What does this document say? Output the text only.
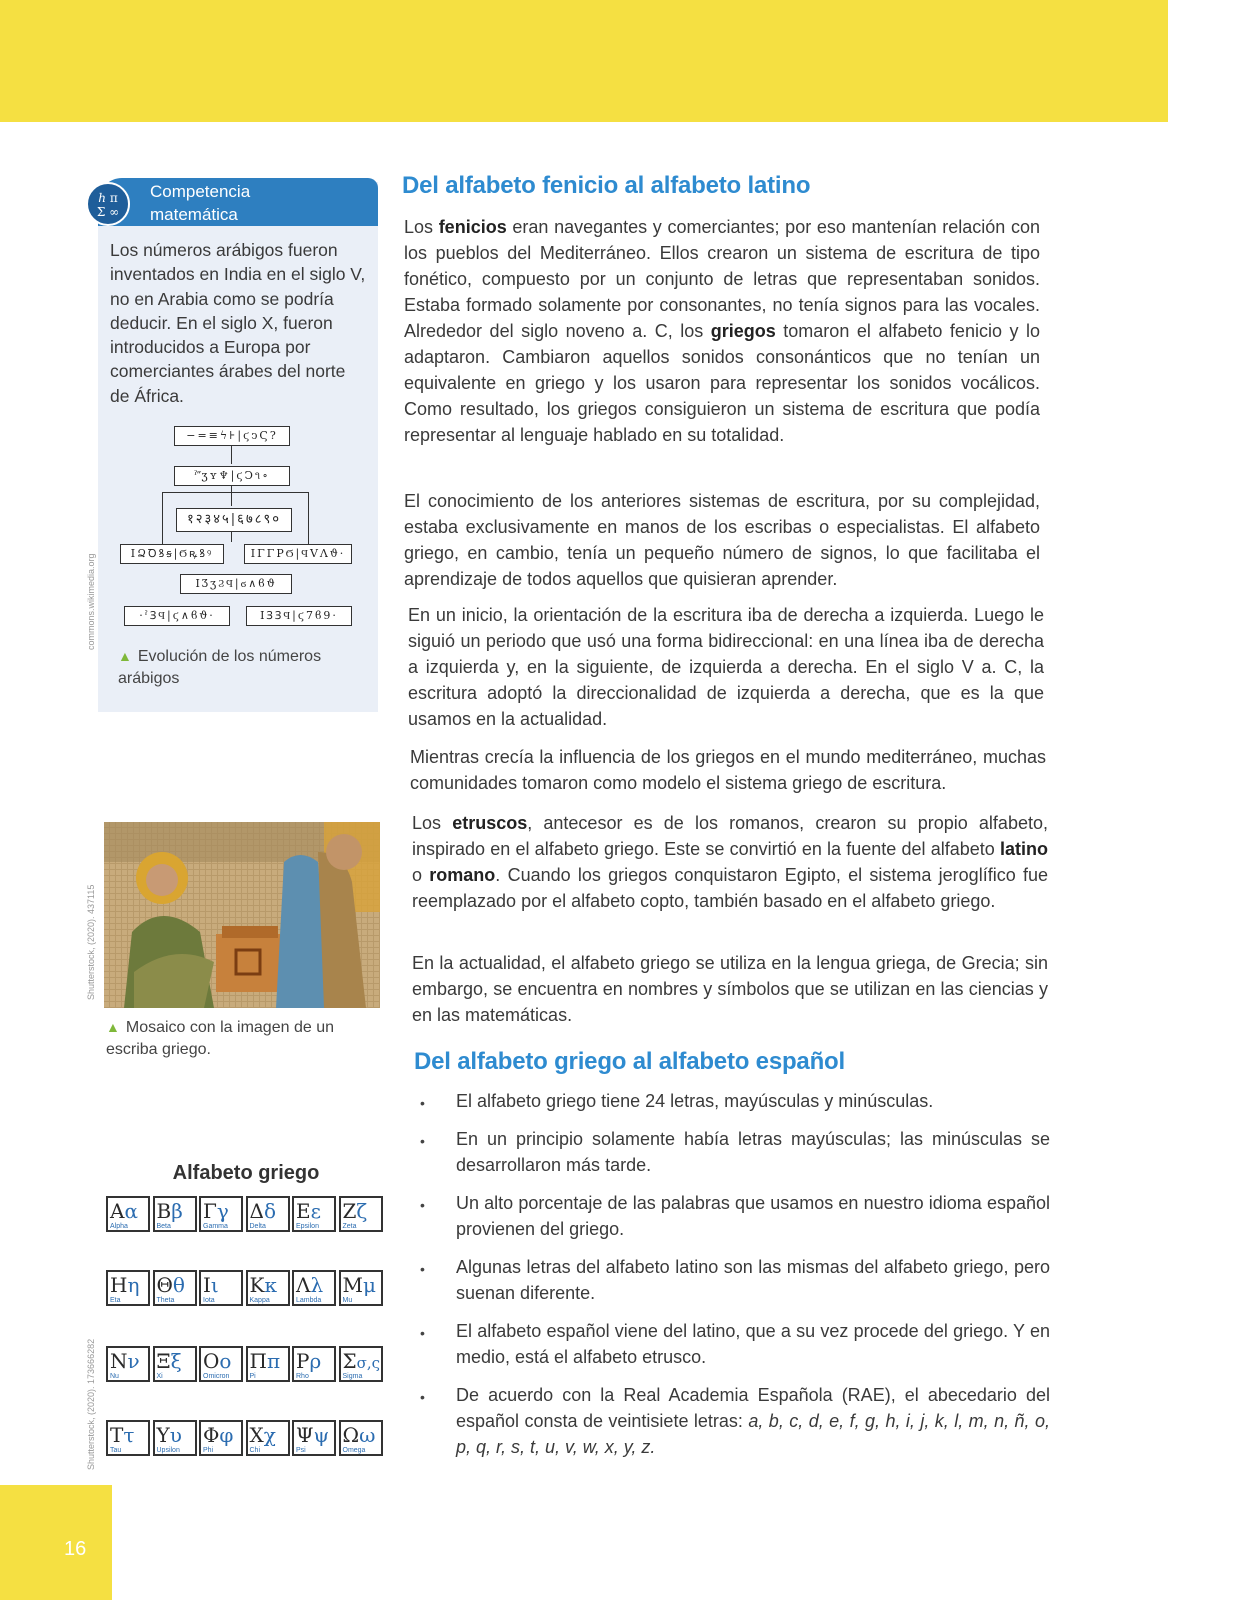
ℎ π
Σ ∞
Competencia
matemática
Los números arábigos fueron inventados en India en el siglo V, no en Arabia como se podría deducir. En el siglo X, fueron introducidos a Europa por comerciantes árabes del norte de África.
−=≡ϟ⊦|ϛↄϚ?
ˀ꜠ʒʏ♆|ϛϽ૧∘
१२३४५|६७८९०
ⅠՁꝹꝸꞩ|Ϭꝶꝸꝰ	ΙΓΓΡϬ|ϤVΛϑ·
ΙƷʒϨϤ|ϭ∧ϐϑ
·ˀꞫϤ|ϛ∧ϐϑ·	ΙꞫꞫϤ|ϛ7ϐ9·
commons.wikimedia.org
▲ Evolución de los números arábigos
Shutterstock, (2020). 437115
▲ Mosaico con la imagen de un escriba griego.
Alfabeto griego
Αα
Alpha
Ββ
Beta
Γγ
Gamma
Δδ
Delta
Εε
Epsilon
Ζζ
Zeta
Ηη
Eta
Θθ
Theta
Ιι
Iota
Κκ
Kappa
Λλ
Lambda
Μμ
Mu
Νν
Nu
Ξξ
Xi
Οο
Omicron
Ππ
Pi
Ρρ
Rho
Σσ,ς
Sigma
Ττ
Tau
Υυ
Upsilon
Φφ
Phi
Χχ
Chi
Ψψ
Psi
Ωω
Omega
Shutterstock, (2020). 173666282
Del alfabeto fenicio al alfabeto latino

Los fenicios eran navegantes y comerciantes; por eso mantenían relación con los pueblos del Mediterráneo. Ellos crearon un sistema de escritura de tipo fonético, compuesto por un conjunto de letras que representaban sonidos. Estaba formado solamente por consonantes, no tenía signos para las vocales. Alrededor del siglo noveno a. C, los griegos tomaron el alfabeto fenicio y lo adaptaron. Cambiaron aquellos sonidos consonánticos que no tenían un equivalente en griego y los usaron para representar los sonidos vocálicos. Como resultado, los griegos consiguieron un sistema de escritura que podía representar al lenguaje hablado en su totalidad.

El conocimiento de los anteriores sistemas de escritura, por su complejidad, estaba exclusivamente en manos de los escribas o especialistas. El alfabeto griego, en cambio, tenía un pequeño número de signos, lo que facilitaba el aprendizaje de todos aquellos que quisieran aprender.

En un inicio, la orientación de la escritura iba de derecha a izquierda. Luego le siguió un periodo que usó una forma bidireccional: en una línea iba de derecha a izquierda y, en la siguiente, de izquierda a derecha. En el siglo V a. C, la escritura adoptó la direccionalidad de izquierda a derecha, que es la que usamos en la actualidad.

Mientras crecía la influencia de los griegos en el mundo mediterráneo, muchas comunidades tomaron como modelo el sistema griego de escritura.

Los etruscos, antecesor es de los romanos, crearon su propio alfabeto, inspirado en el alfabeto griego. Este se convirtió en la fuente del alfabeto latino o romano. Cuando los griegos conquistaron Egipto, el sistema jeroglífico fue reemplazado por el alfabeto copto, también basado en el alfabeto griego.

En la actualidad, el alfabeto griego se utiliza en la lengua griega, de Grecia; sin embargo, se encuentra en nombres y símbolos que se utilizan en las ciencias y en las matemáticas.

Del alfabeto griego al alfabeto español
• El alfabeto griego tiene 24 letras, mayúsculas y minúsculas.
• En un principio solamente había letras mayúsculas; las minúsculas se desarrollaron más tarde.
• Un alto porcentaje de las palabras que usamos en nuestro idioma español provienen del griego.
• Algunas letras del alfabeto latino son las mismas del alfabeto griego, pero suenan diferente.
• El alfabeto español viene del latino, que a su vez procede del griego. Y en medio, está el alfabeto etrusco.
• De acuerdo con la Real Academia Española (RAE), el abecedario del español consta de veintisiete letras: a, b, c, d, e, f, g, h, i, j, k, l, m, n, ñ, o, p, q, r, s, t, u, v, w, x, y, z.
16
